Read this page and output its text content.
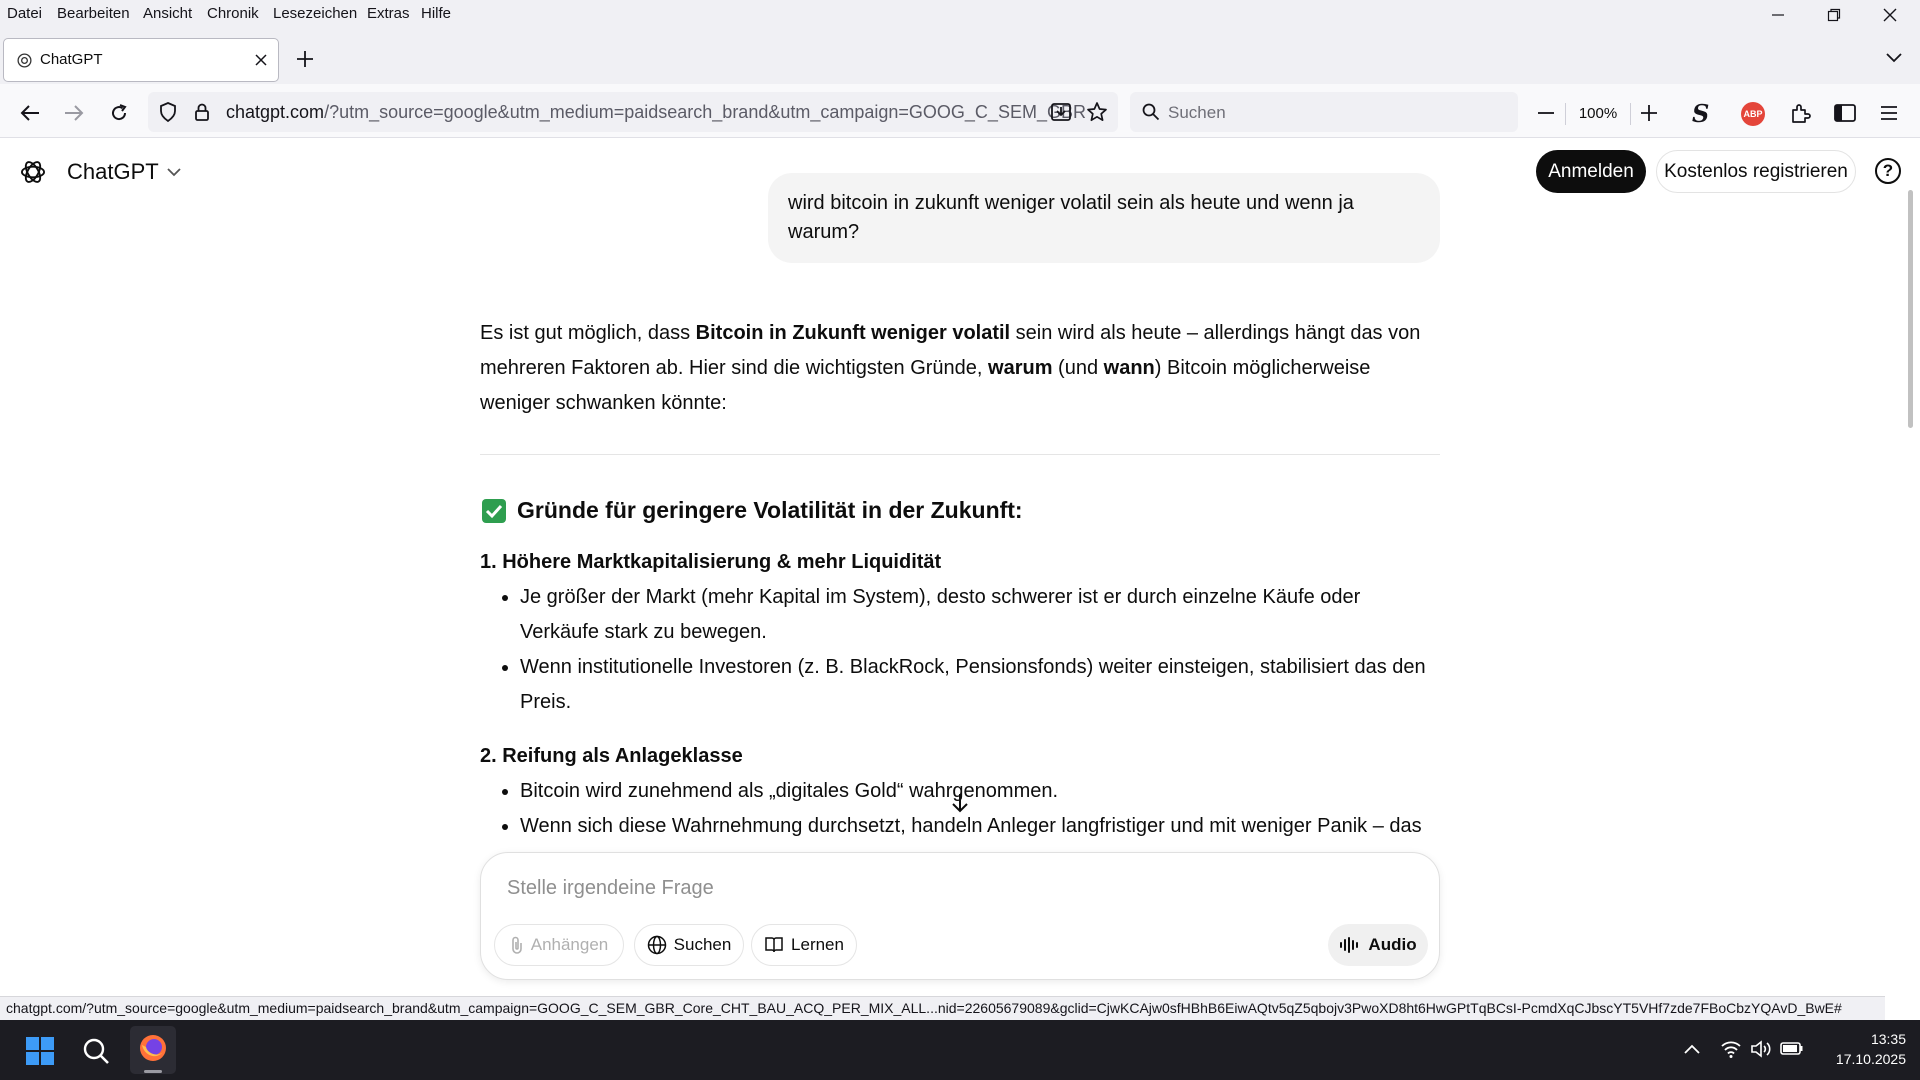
Datei Bearbeiten Ansicht Chronik Lesezeichen Extras Hilfe
ChatGPT
chatgpt.com/?utm_source=google&utm_medium=paidsearch_brand&utm_campaign=GOOG_C_SEM_GBR	Suchen	100%	S	ABP
ChatGPT	Anmelden	Kostenlos registrieren	?
wird bitcoin in zukunft weniger volatil sein als heute und wenn ja warum?
Es ist gut möglich, dass Bitcoin in Zukunft weniger volatil sein wird als heute – allerdings hängt das von mehreren Faktoren ab. Hier sind die wichtigsten Gründe, warum (und wann) Bitcoin möglicherweise weniger schwanken könnte:
Gründe für geringere Volatilität in der Zukunft:
1. Höhere Marktkapitalisierung & mehr Liquidität
• Je größer der Markt (mehr Kapital im System), desto schwerer ist er durch einzelne Käufe oder Verkäufe stark zu bewegen.
• Wenn institutionelle Investoren (z. B. BlackRock, Pensionsfonds) weiter einsteigen, stabilisiert das den Preis.
2. Reifung als Anlageklasse
• Bitcoin wird zunehmend als „digitales Gold“ wahrgenommen.
• Wenn sich diese Wahrnehmung durchsetzt, handeln Anleger langfristiger und mit weniger Panik – das
Stelle irgendeine Frage
Anhängen	Suchen	Lernen	Audio
chatgpt.com/?utm_source=google&utm_medium=paidsearch_brand&utm_campaign=GOOG_C_SEM_GBR_Core_CHT_BAU_ACQ_PER_MIX_ALL...nid=22605679089&gclid=CjwKCAjw0sfHBhB6EiwAQtv5qZ5qbojv3PwoXD8ht6HwGPtTqBCsI-PcmdXqCJbscYT5VHf7zde7FBoCbzYQAvD_BwE#
13:35
17.10.2025
